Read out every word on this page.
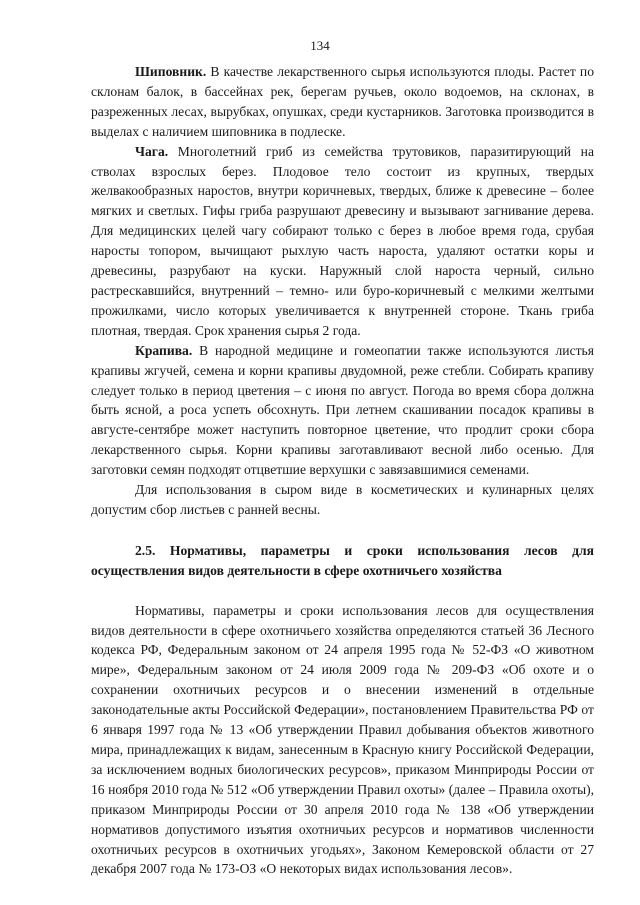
134

Шиповник. В качестве лекарственного сырья используются плоды. Растет по склонам балок, в бассейнах рек, берегам ручьев, около водоемов, на склонах, в разреженных лесах, вырубках, опушках, среди кустарников. Заготовка производится в выделах с наличием шиповника в подлеске.

Чага. Многолетний гриб из семейства трутовиков, паразитирующий на стволах взрослых берез. Плодовое тело состоит из крупных, твердых желвакообразных наростов, внутри коричневых, твердых, ближе к древесине – более мягких и светлых. Гифы гриба разрушают древесину и вызывают загнивание дерева. Для медицинских целей чагу собирают только с берез в любое время года, срубая наросты топором, вычищают рыхлую часть нароста, удаляют остатки коры и древесины, разрубают на куски. Наружный слой нароста черный, сильно растрескавшийся, внутренний – темно- или буро-коричневый с мелкими желтыми прожилками, число которых увеличивается к внутренней стороне. Ткань гриба плотная, твердая. Срок хранения сырья 2 года.

Крапива. В народной медицине и гомеопатии также используются листья крапивы жгучей, семена и корни крапивы двудомной, реже стебли. Собирать крапиву следует только в период цветения – с июня по август. Погода во время сбора должна быть ясной, а роса успеть обсохнуть. При летнем скашивании посадок крапивы в августе-сентябре может наступить повторное цветение, что продлит сроки сбора лекарственного сырья. Корни крапивы заготавливают весной либо осенью. Для заготовки семян подходят отцветшие верхушки с завязавшимися семенами.

Для использования в сыром виде в косметических и кулинарных целях допустим сбор листьев с ранней весны.

2.5. Нормативы, параметры и сроки использования лесов для осуществления видов деятельности в сфере охотничьего хозяйства

Нормативы, параметры и сроки использования лесов для осуществления видов деятельности в сфере охотничьего хозяйства определяются статьей 36 Лесного кодекса РФ, Федеральным законом от 24 апреля 1995 года № 52-ФЗ «О животном мире», Федеральным законом от 24 июля 2009 года № 209-ФЗ «Об охоте и о сохранении охотничьих ресурсов и о внесении изменений в отдельные законодательные акты Российской Федерации», постановлением Правительства РФ от 6 января 1997 года № 13 «Об утверждении Правил добывания объектов животного мира, принадлежащих к видам, занесенным в Красную книгу Российской Федерации, за исключением водных биологических ресурсов», приказом Минприроды России от 16 ноября 2010 года № 512 «Об утверждении Правил охоты» (далее – Правила охоты), приказом Минприроды России от 30 апреля 2010 года № 138 «Об утверждении нормативов допустимого изъятия охотничьих ресурсов и нормативов численности охотничьих ресурсов в охотничьих угодьях», Законом Кемеровской области от 27 декабря 2007 года № 173-ОЗ «О некоторых видах использования лесов».
